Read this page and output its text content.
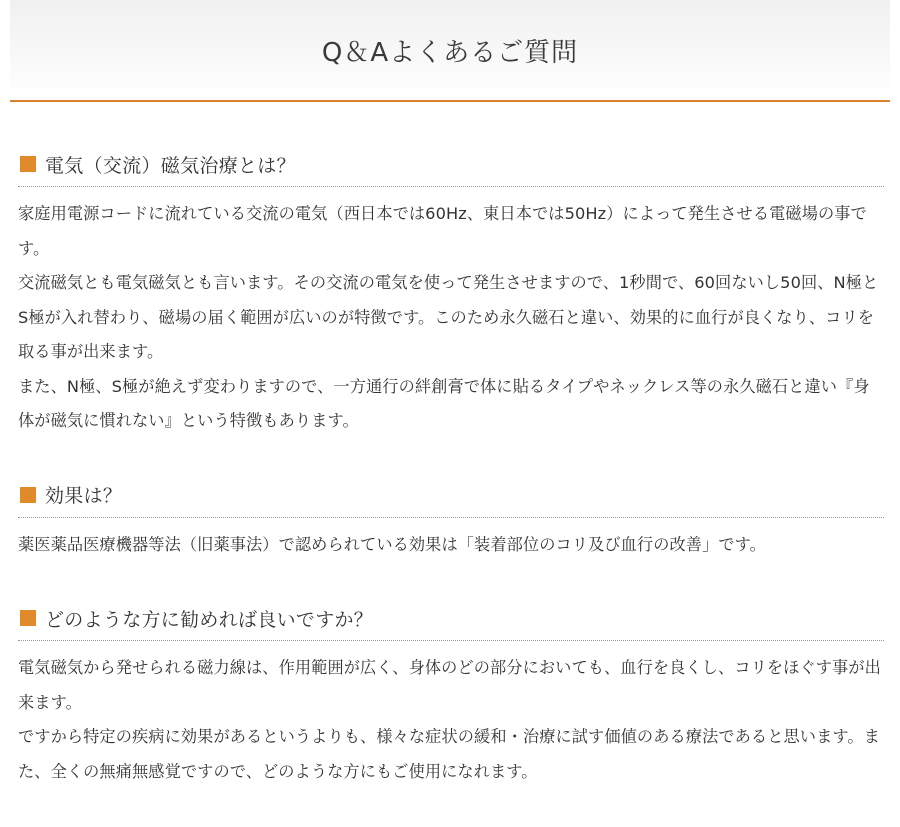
Q＆Aよくあるご質問
電気（交流）磁気治療とは？

家庭用電源コードに流れている交流の電気（西日本では60Hz、東日本では50Hz）によって発生させる電磁場の事です。

交流磁気とも電気磁気とも言います。その交流の電気を使って発生させますので、1秒間で、60回ないし50回、N極とS極が入れ替わり、磁場の届く範囲が広いのが特徴です。このため永久磁石と違い、効果的に血行が良くなり、コリを取る事が出来ます。

また、N極、S極が絶えず変わりますので、一方通行の絆創膏で体に貼るタイプやネックレス等の永久磁石と違い『身体が磁気に慣れない』という特徴もあります。

効果は？

薬医薬品医療機器等法（旧薬事法）で認められている効果は「装着部位のコリ及び血行の改善」です。

どのような方に勧めれば良いですか？

電気磁気から発せられる磁力線は、作用範囲が広く、身体のどの部分においても、血行を良くし、コリをほぐす事が出来ます。

ですから特定の疾病に効果があるというよりも、様々な症状の緩和・治療に試す価値のある療法であると思います。また、全くの無痛無感覚ですので、どのような方にもご使用になれます。
